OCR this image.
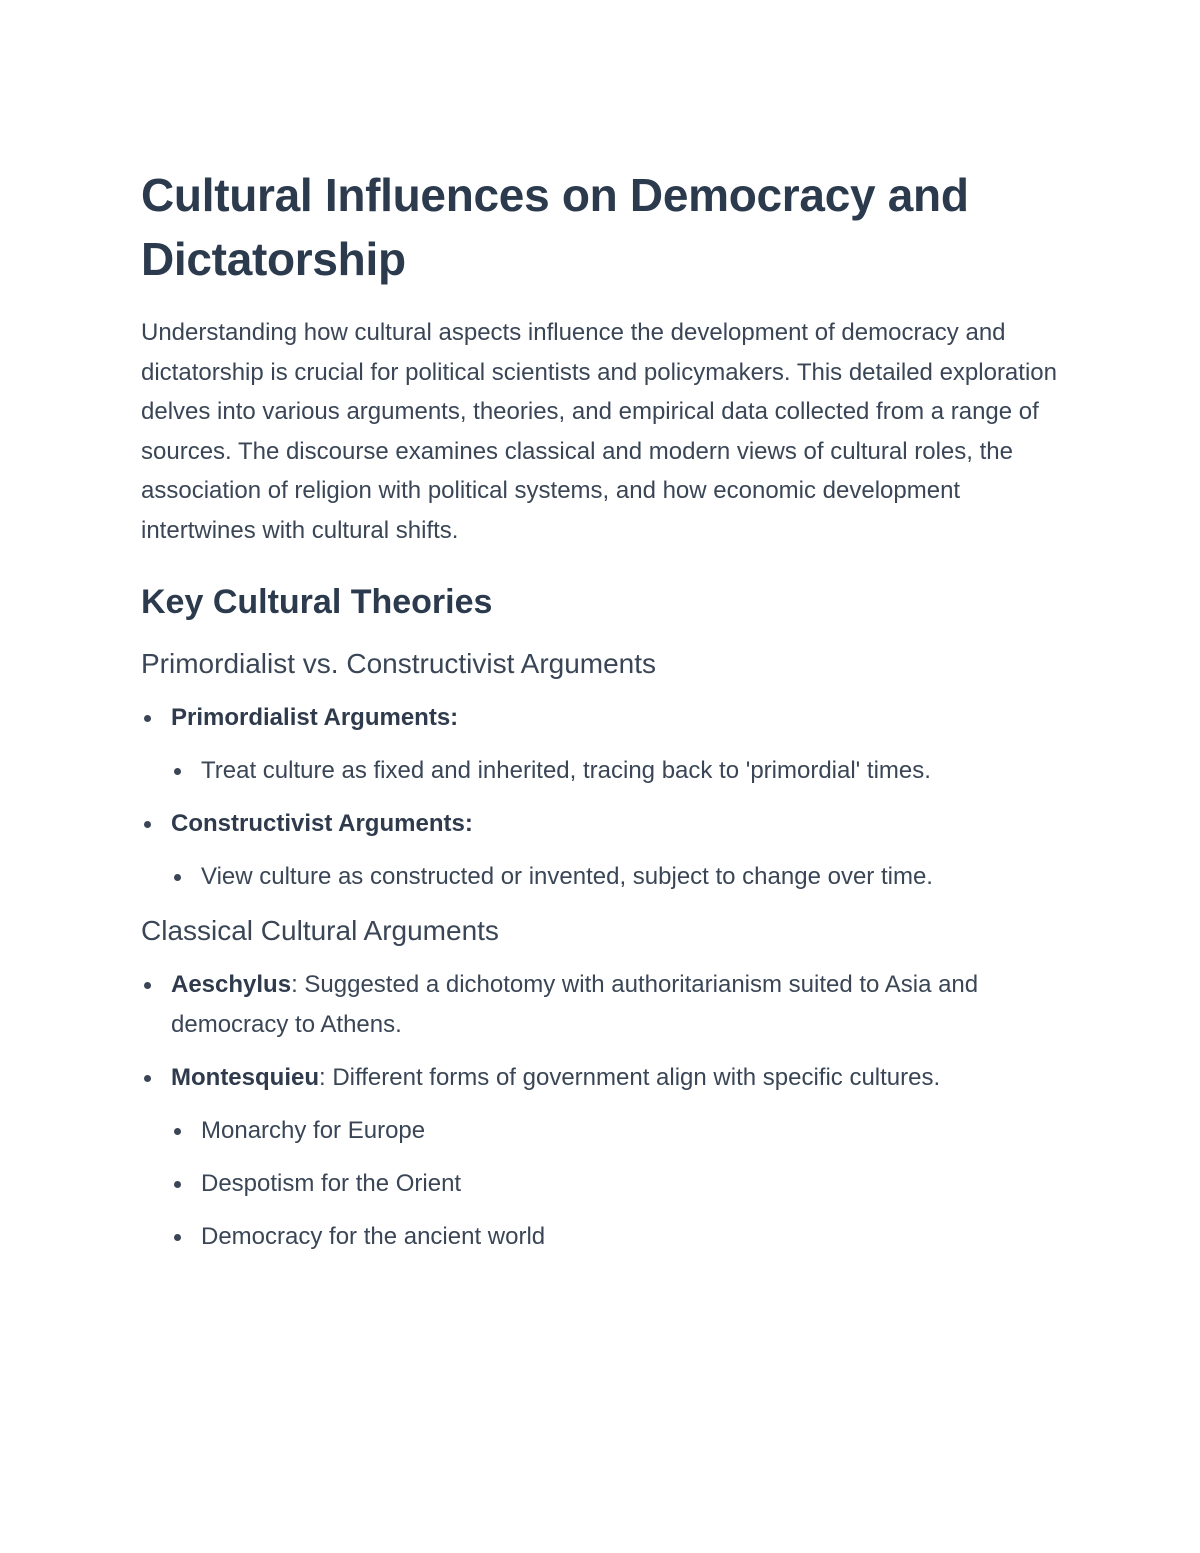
Cultural Influences on Democracy and Dictatorship

Understanding how cultural aspects influence the development of democracy and dictatorship is crucial for political scientists and policymakers. This detailed exploration delves into various arguments, theories, and empirical data collected from a range of sources. The discourse examines classical and modern views of cultural roles, the association of religion with political systems, and how economic development intertwines with cultural shifts.

Key Cultural Theories
Primordialist vs. Constructivist Arguments
Primordialist Arguments:
Treat culture as fixed and inherited, tracing back to 'primordial' times.
Constructivist Arguments:
View culture as constructed or invented, subject to change over time.
Classical Cultural Arguments
Aeschylus: Suggested a dichotomy with authoritarianism suited to Asia and democracy to Athens.
Montesquieu: Different forms of government align with specific cultures.
Monarchy for Europe
Despotism for the Orient
Democracy for the ancient world
